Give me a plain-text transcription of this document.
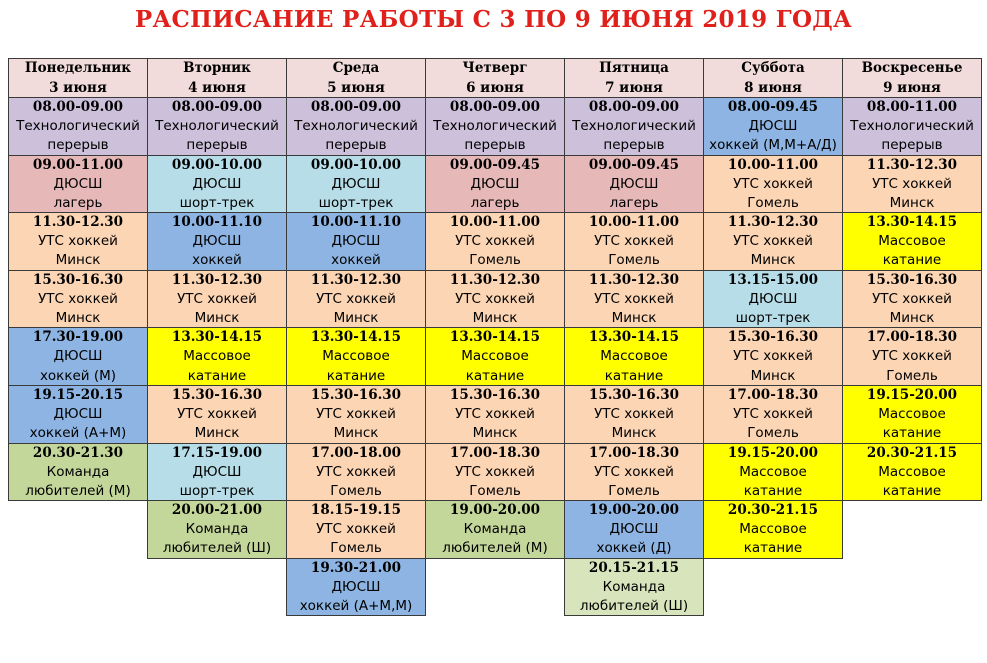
РАСПИСАНИЕ РАБОТЫ С 3 ПО 9 ИЮНЯ 2019 ГОДА
Понедельник
3 июня
08.00-09.00
Технологический
перерыв
09.00-11.00
ДЮСШ
лагерь
11.30-12.30
УТС хоккей
Минск
15.30-16.30
УТС хоккей
Минск
17.30-19.00
ДЮСШ
хоккей (М)
19.15-20.15
ДЮСШ
хоккей (А+М)
20.30-21.30
Команда
любителей (М)
Вторник
4 июня
08.00-09.00
Технологический
перерыв
09.00-10.00
ДЮСШ
шорт-трек
10.00-11.10
ДЮСШ
хоккей
11.30-12.30
УТС хоккей
Минск
13.30-14.15
Массовое
катание
15.30-16.30
УТС хоккей
Минск
17.15-19.00
ДЮСШ
шорт-трек
20.00-21.00
Команда
любителей (Ш)
Среда
5 июня
08.00-09.00
Технологический
перерыв
09.00-10.00
ДЮСШ
шорт-трек
10.00-11.10
ДЮСШ
хоккей
11.30-12.30
УТС хоккей
Минск
13.30-14.15
Массовое
катание
15.30-16.30
УТС хоккей
Минск
17.00-18.00
УТС хоккей
Гомель
18.15-19.15
УТС хоккей
Гомель
19.30-21.00
ДЮСШ
хоккей (А+М,М)
Четверг
6 июня
08.00-09.00
Технологический
перерыв
09.00-09.45
ДЮСШ
лагерь
10.00-11.00
УТС хоккей
Гомель
11.30-12.30
УТС хоккей
Минск
13.30-14.15
Массовое
катание
15.30-16.30
УТС хоккей
Минск
17.00-18.30
УТС хоккей
Гомель
19.00-20.00
Команда
любителей (М)
Пятница
7 июня
08.00-09.00
Технологический
перерыв
09.00-09.45
ДЮСШ
лагерь
10.00-11.00
УТС хоккей
Гомель
11.30-12.30
УТС хоккей
Минск
13.30-14.15
Массовое
катание
15.30-16.30
УТС хоккей
Минск
17.00-18.30
УТС хоккей
Гомель
19.00-20.00
ДЮСШ
хоккей (Д)
20.15-21.15
Команда
любителей (Ш)
Суббота
8 июня
08.00-09.45
ДЮСШ
хоккей (М,М+А/Д)
10.00-11.00
УТС хоккей
Гомель
11.30-12.30
УТС хоккей
Минск
13.15-15.00
ДЮСШ
шорт-трек
15.30-16.30
УТС хоккей
Минск
17.00-18.30
УТС хоккей
Гомель
19.15-20.00
Массовое
катание
20.30-21.15
Массовое
катание
Воскресенье
9 июня
08.00-11.00
Технологический
перерыв
11.30-12.30
УТС хоккей
Минск
13.30-14.15
Массовое
катание
15.30-16.30
УТС хоккей
Минск
17.00-18.30
УТС хоккей
Гомель
19.15-20.00
Массовое
катание
20.30-21.15
Массовое
катание
